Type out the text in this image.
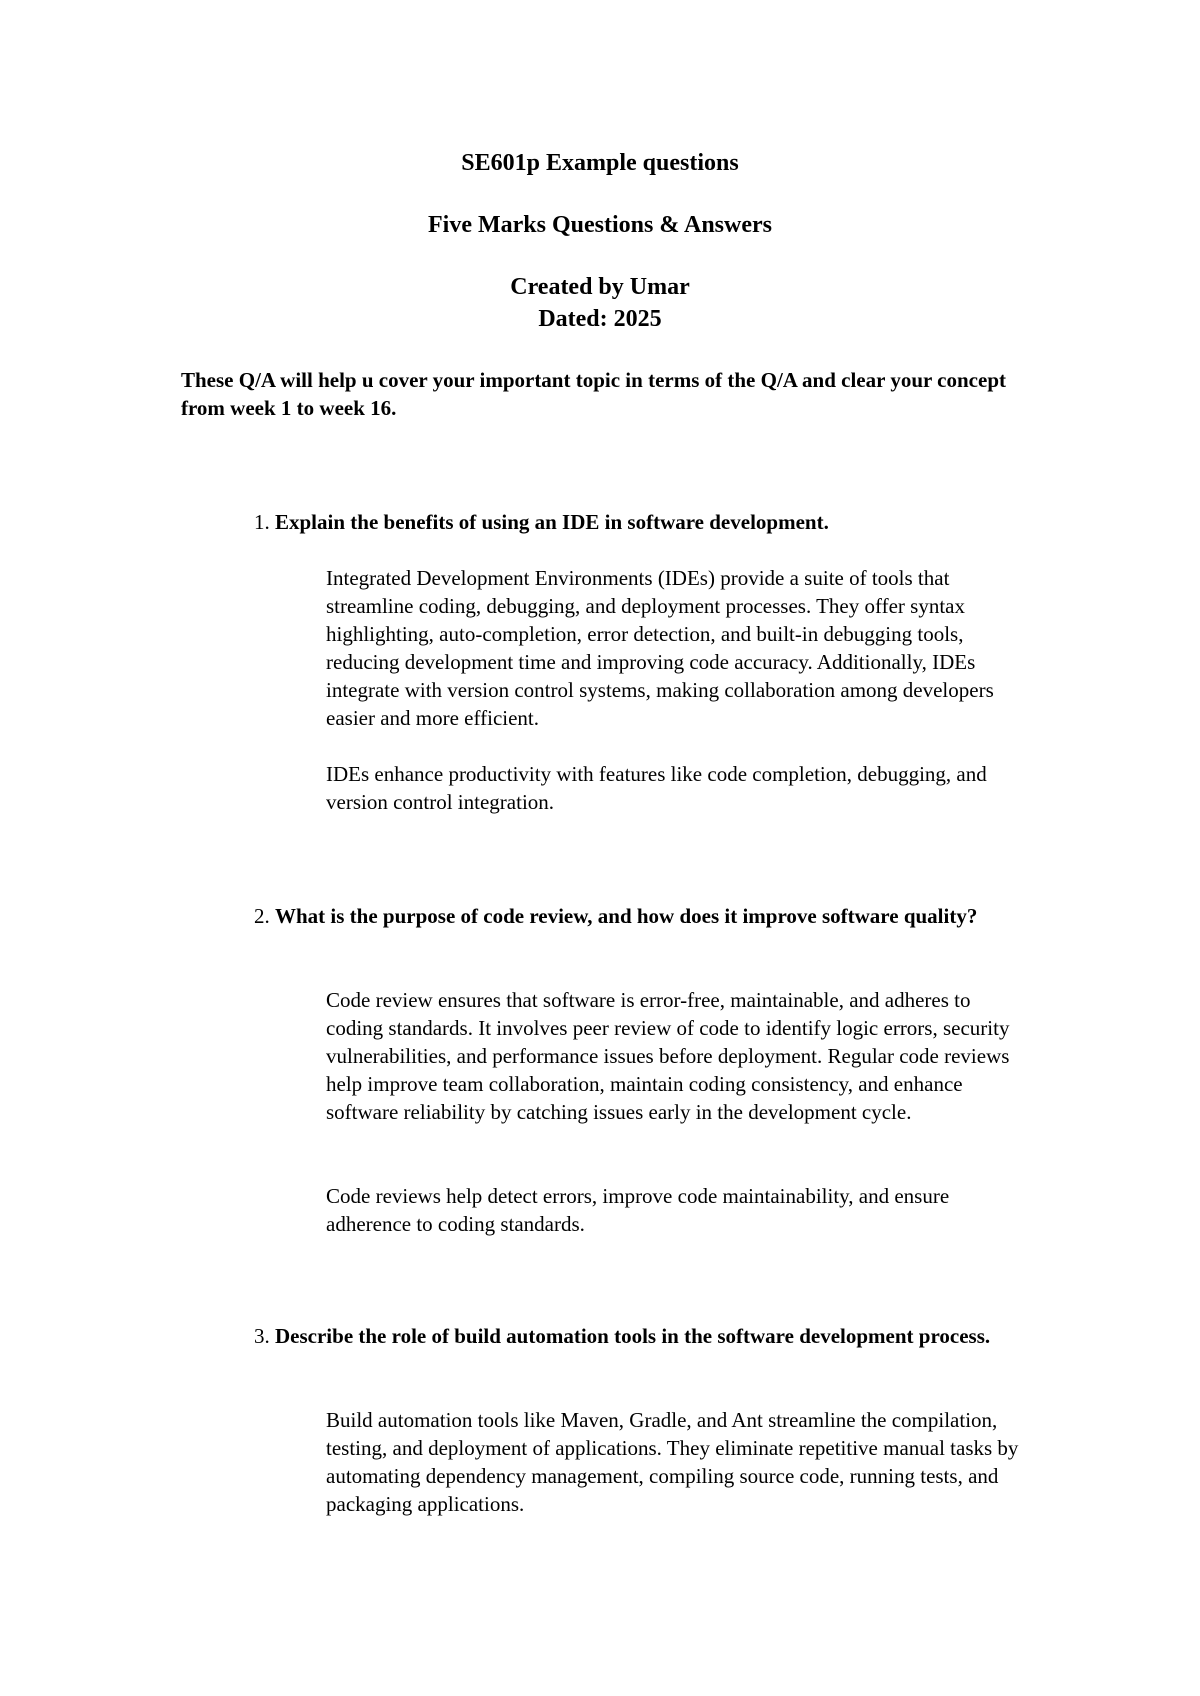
SE601p Example questions
Five Marks Questions & Answers
Created by Umar
Dated: 2025
These Q/A will help u cover your important topic in terms of the Q/A and clear your concept from week 1 to week 16.
1. Explain the benefits of using an IDE in software development.
Integrated Development Environments (IDEs) provide a suite of tools that streamline coding, debugging, and deployment processes. They offer syntax highlighting, auto-completion, error detection, and built-in debugging tools, reducing development time and improving code accuracy. Additionally, IDEs integrate with version control systems, making collaboration among developers easier and more efficient.
IDEs enhance productivity with features like code completion, debugging, and version control integration.
2. What is the purpose of code review, and how does it improve software quality?
Code review ensures that software is error-free, maintainable, and adheres to coding standards. It involves peer review of code to identify logic errors, security vulnerabilities, and performance issues before deployment. Regular code reviews help improve team collaboration, maintain coding consistency, and enhance software reliability by catching issues early in the development cycle.
Code reviews help detect errors, improve code maintainability, and ensure adherence to coding standards.
3. Describe the role of build automation tools in the software development process.
Build automation tools like Maven, Gradle, and Ant streamline the compilation, testing, and deployment of applications. They eliminate repetitive manual tasks by automating dependency management, compiling source code, running tests, and packaging applications.
